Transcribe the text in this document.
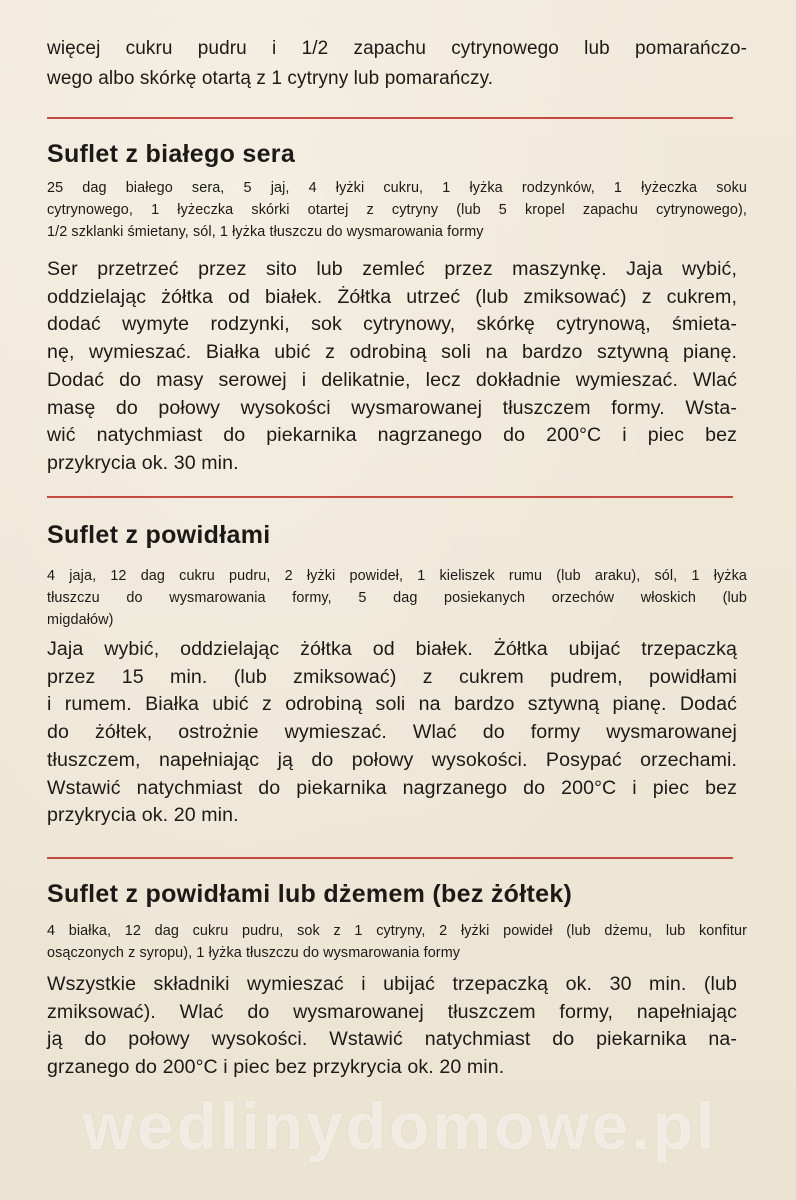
więcej cukru pudru i 1/2 zapachu cytrynowego lub pomarańczo-
wego albo skórkę otartą z 1 cytryny lub pomarańczy.
Suflet z białego sera
25 dag białego sera, 5 jaj, 4 łyżki cukru, 1 łyżka rodzynków, 1 łyżeczka soku
cytrynowego, 1 łyżeczka skórki otartej z cytryny (lub 5 kropel zapachu cytrynowego),
1/2 szklanki śmietany, sól, 1 łyżka tłuszczu do wysmarowania formy
Ser przetrzeć przez sito lub zemleć przez maszynkę. Jaja wybić,
oddzielając żółtka od białek. Żółtka utrzeć (lub zmiksować) z cukrem,
dodać wymyte rodzynki, sok cytrynowy, skórkę cytrynową, śmieta-
nę, wymieszać. Białka ubić z odrobiną soli na bardzo sztywną pianę.
Dodać do masy serowej i delikatnie, lecz dokładnie wymieszać. Wlać
masę do połowy wysokości wysmarowanej tłuszczem formy. Wsta-
wić natychmiast do piekarnika nagrzanego do 200°C i piec bez
przykrycia ok. 30 min.
Suflet z powidłami
4 jaja, 12 dag cukru pudru, 2 łyżki powideł, 1 kieliszek rumu (lub araku), sól, 1 łyżka
tłuszczu do wysmarowania formy, 5 dag posiekanych orzechów włoskich (lub
migdałów)
Jaja wybić, oddzielając żółtka od białek. Żółtka ubijać trzepaczką
przez 15 min. (lub zmiksować) z cukrem pudrem, powidłami
i rumem. Białka ubić z odrobiną soli na bardzo sztywną pianę. Dodać
do żółtek, ostrożnie wymieszać. Wlać do formy wysmarowanej
tłuszczem, napełniając ją do połowy wysokości. Posypać orzechami.
Wstawić natychmiast do piekarnika nagrzanego do 200°C i piec bez
przykrycia ok. 20 min.
Suflet z powidłami lub dżemem (bez żółtek)
4 białka, 12 dag cukru pudru, sok z 1 cytryny, 2 łyżki powideł (lub dżemu, lub konfitur
osączonych z syropu), 1 łyżka tłuszczu do wysmarowania formy
Wszystkie składniki wymieszać i ubijać trzepaczką ok. 30 min. (lub
zmiksować). Wlać do wysmarowanej tłuszczem formy, napełniając
ją do połowy wysokości. Wstawić natychmiast do piekarnika na-
grzanego do 200°C i piec bez przykrycia ok. 20 min.
wedlinydomowe.pl
